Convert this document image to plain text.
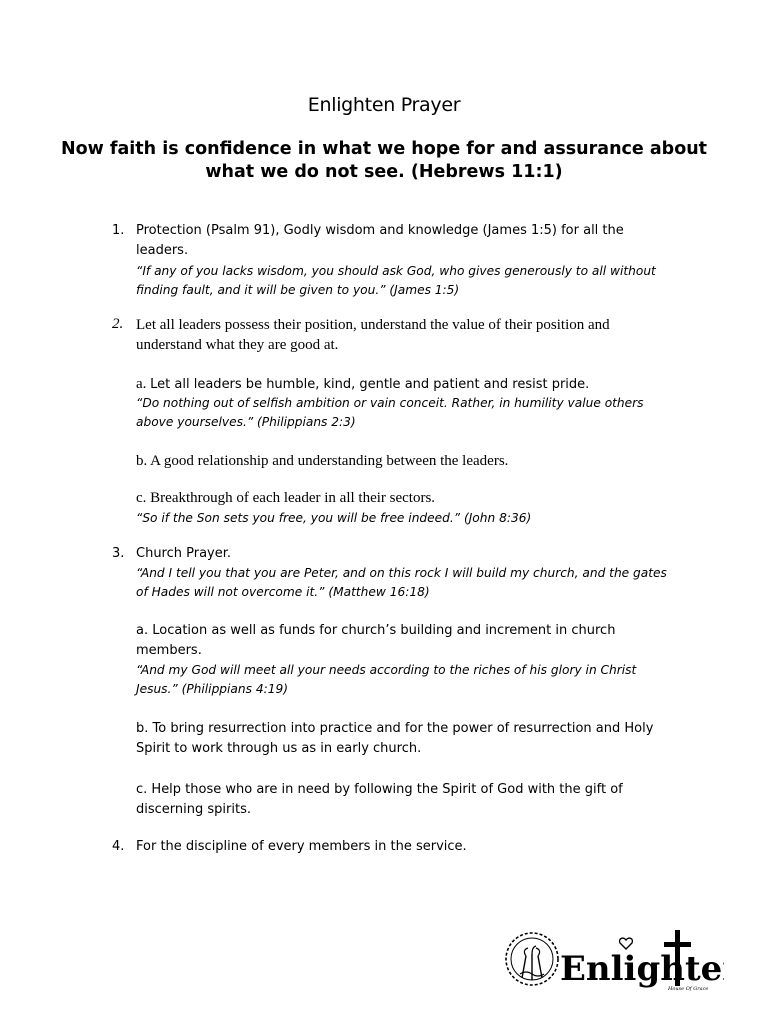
Enlighten Prayer
Now faith is confidence in what we hope for and assurance about what we do not see. (Hebrews 11:1)
1. Protection (Psalm 91), Godly wisdom and knowledge (James 1:5) for all the leaders.

“If any of you lacks wisdom, you should ask God, who gives generously to all without finding fault, and it will be given to you.” (James 1:5)

2. Let all leaders possess their position, understand the value of their position and understand what they are good at.

a. Let all leaders be humble, kind, gentle and patient and resist pride.

“Do nothing out of selfish ambition or vain conceit. Rather, in humility value others above yourselves.” (Philippians 2:3)

b. A good relationship and understanding between the leaders.

c. Breakthrough of each leader in all their sectors.

“So if the Son sets you free, you will be free indeed.” (John 8:36)

3. Church Prayer.

“And I tell you that you are Peter, and on this rock I will build my church, and the gates of Hades will not overcome it.” (Matthew 16:18)

a. Location as well as funds for church’s building and increment in church members.

“And my God will meet all your needs according to the riches of his glory in Christ Jesus.” (Philippians 4:19)

b. To bring resurrection into practice and for the power of resurrection and Holy Spirit to work through us as in early church.

c. Help those who are in need by following the Spirit of God with the gift of discerning spirits.

4. For the discipline of every members in the service.

Enlighte
House Of Grace
